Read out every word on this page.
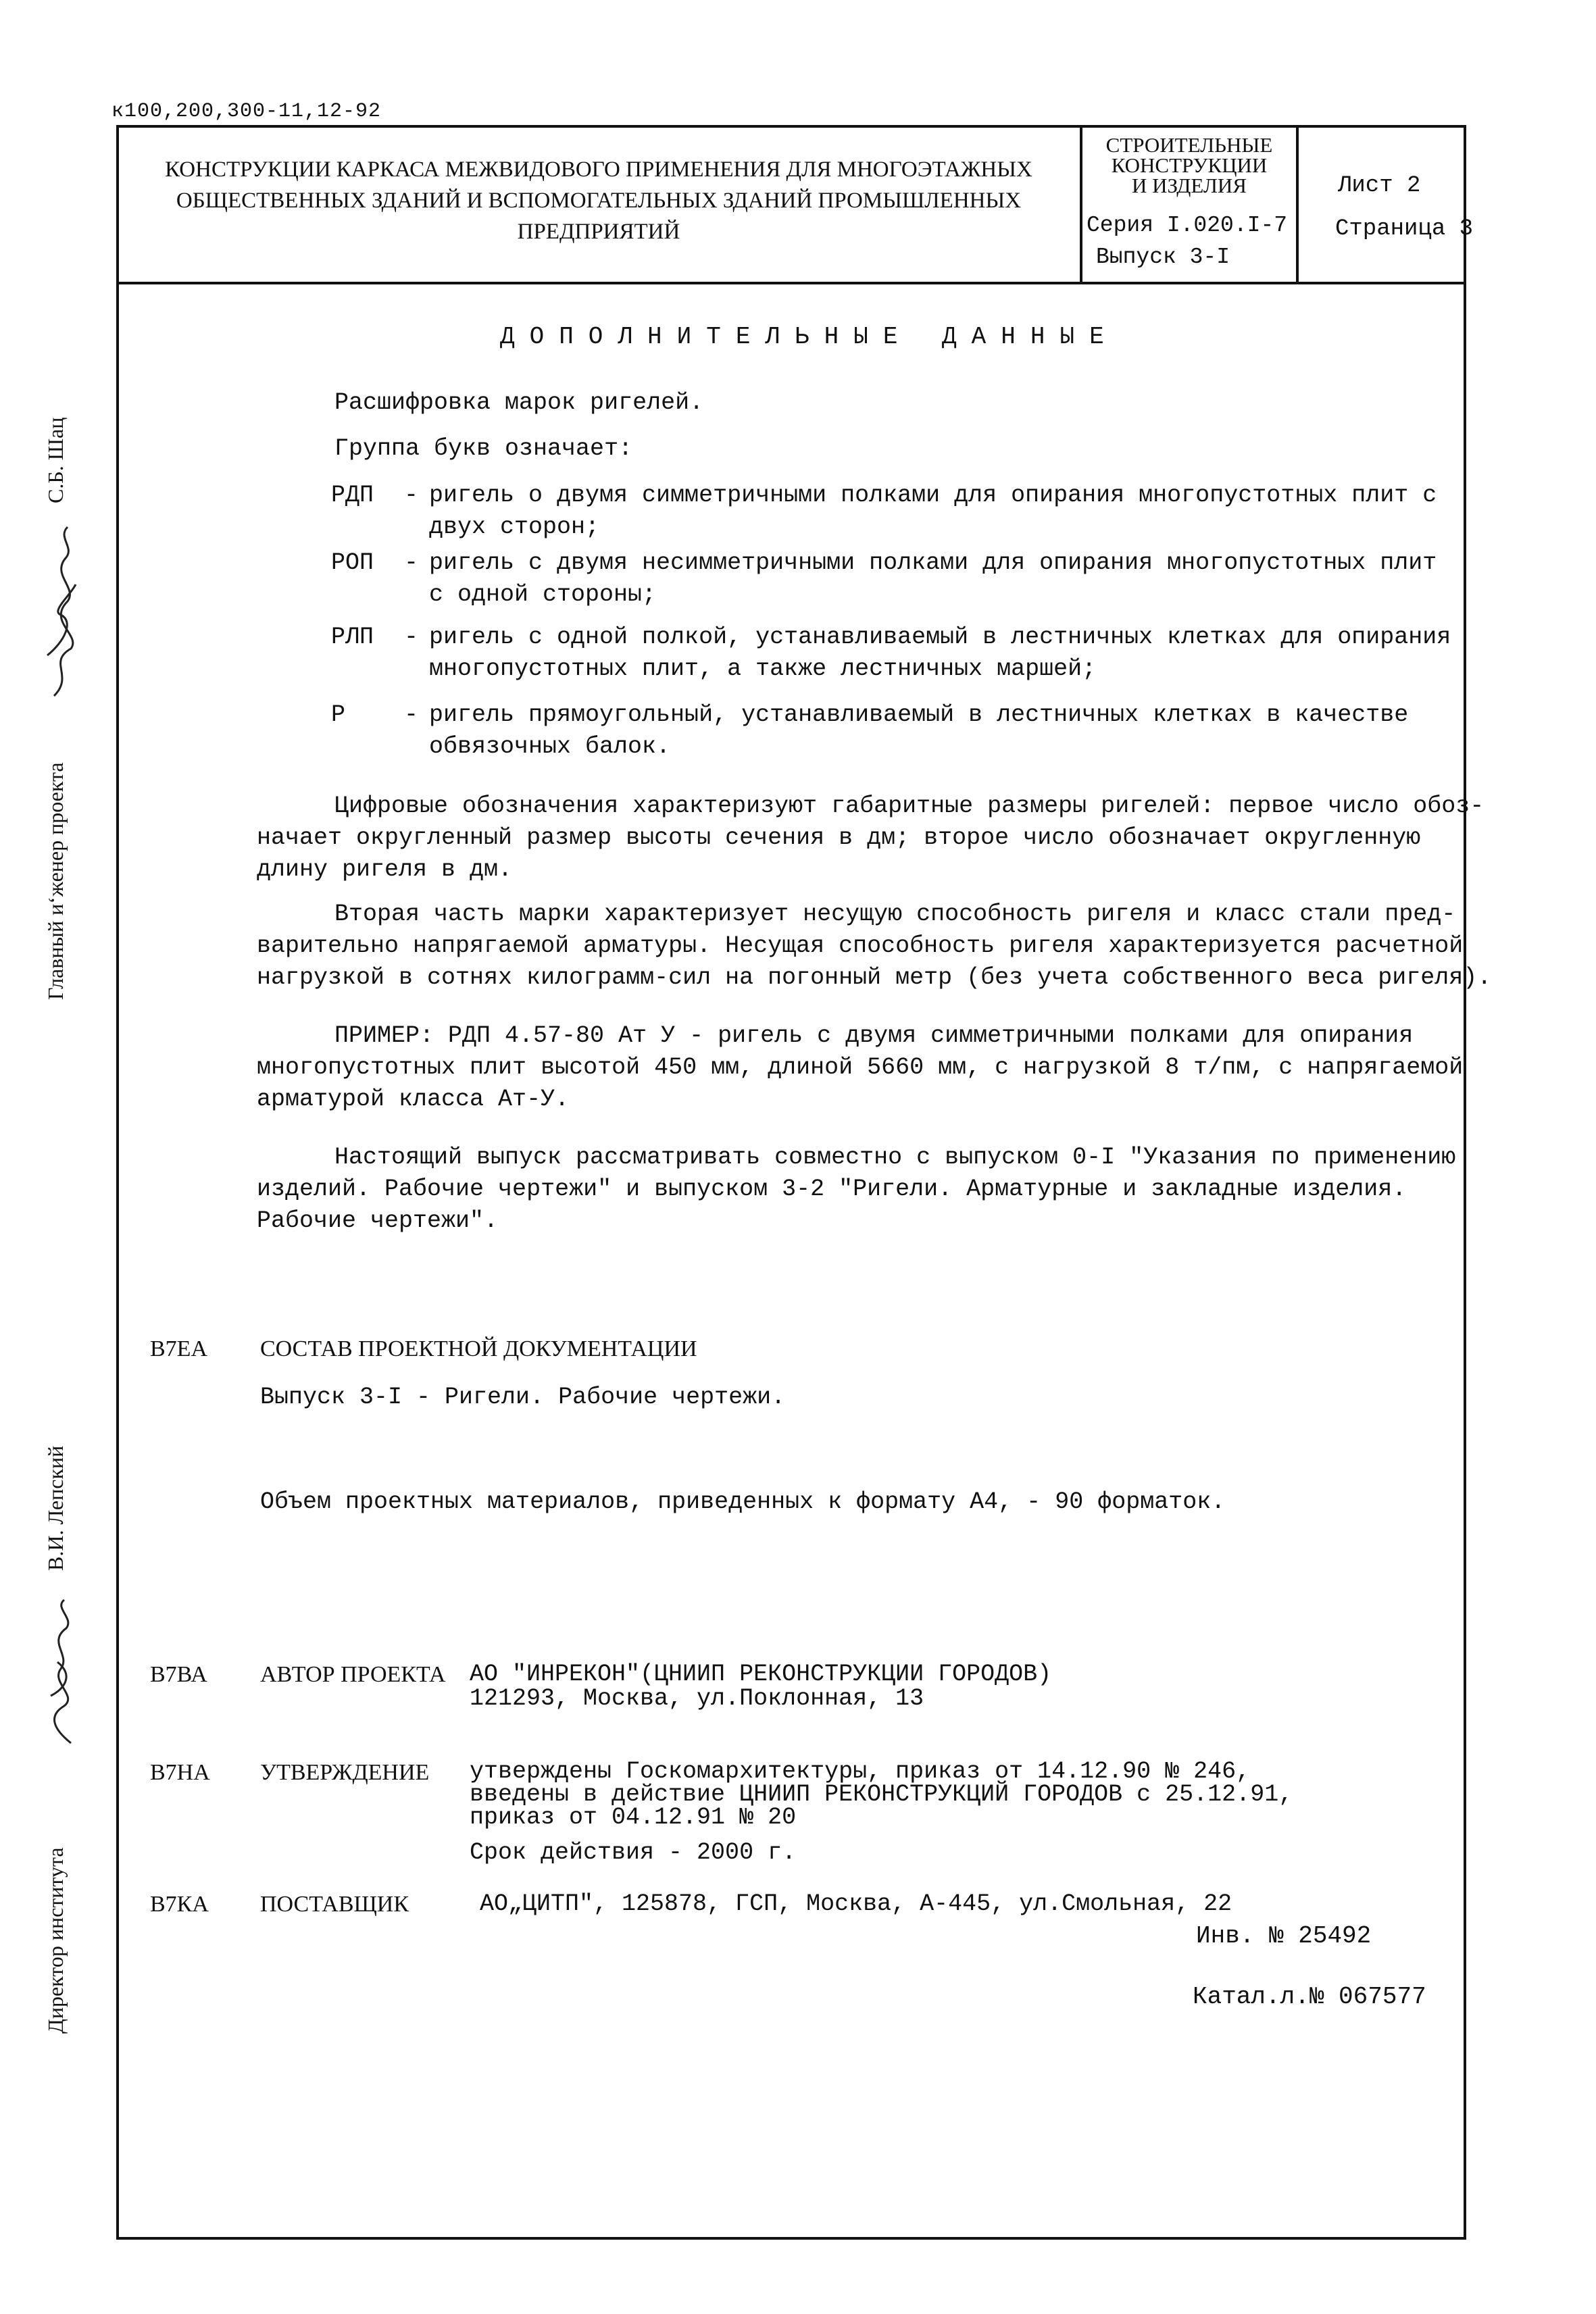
к100,200,300-11,12-92
КОНСТРУКЦИИ КАРКАСА МЕЖВИДОВОГО ПРИМЕНЕНИЯ ДЛЯ МНОГОЭТАЖНЫХ
ОБЩЕСТВЕННЫХ ЗДАНИЙ И ВСПОМОГАТЕЛЬНЫХ ЗДАНИЙ ПРОМЫШЛЕННЫХ
ПРЕДПРИЯТИЙ
СТРОИТЕЛЬНЫЕ
КОНСТРУКЦИИ
И ИЗДЕЛИЯ
Серия I.020.I-7
Выпуск 3-I
Лист 2
Страница 3
Главный и‘женер проекта
С.Б. Шац
Директор института
В.И. Лепский
ДОПОЛНИТЕЛЬНЫЕ ДАННЫЕ
Расшифровка марок ригелей.
Группа букв означает:
РДП - ригель о двумя симметричными полками для опирания многопустотных плит с
двух сторон;
РОП - ригель с двумя несимметричными полками для опирания многопустотных плит
с одной стороны;
РЛП - ригель с одной полкой, устанавливаемый в лестничных клетках для опирания
многопустотных плит, а также лестничных маршей;
Р - ригель прямоугольный, устанавливаемый в лестничных клетках в качестве
обвязочных балок.
Цифровые обозначения характеризуют габаритные размеры ригелей: первое число обоз-
начает округленный размер высоты сечения в дм; второе число обозначает округленную
длину ригеля в дм.
Вторая часть марки характеризует несущую способность ригеля и класс стали пред-
варительно напрягаемой арматуры. Несущая способность ригеля характеризуется расчетной
нагрузкой в сотнях килограмм-сил на погонный метр (без учета собственного веса ригеля).
ПРИМЕР: РДП 4.57-80 Ат У - ригель с двумя симметричными полками для опирания
многопустотных плит высотой 450 мм, длиной 5660 мм, с нагрузкой 8 т/пм, с напрягаемой
арматурой класса Ат-У.
Настоящий выпуск рассматривать совместно с выпуском 0-I "Указания по применению
изделий. Рабочие чертежи" и выпуском 3-2 "Ригели. Арматурные и закладные изделия.
Рабочие чертежи".
В7ЕА СОСТАВ ПРОЕКТНОЙ ДОКУМЕНТАЦИИ
Выпуск 3-I - Ригели. Рабочие чертежи.
Объем проектных материалов, приведенных к формату А4, - 90 форматок.
В7ВА АВТОР ПРОЕКТА АО "ИНРЕКОН"(ЦНИИП РЕКОНСТРУКЦИИ ГОРОДОВ)
121293, Москва, ул.Поклонная, 13
В7НА УТВЕРЖДЕНИЕ утверждены Госкомархитектуры, приказ от 14.12.90 № 246,
введены в действие ЦНИИП РЕКОНСТРУКЦИЙ ГОРОДОВ с 25.12.91,
приказ от 04.12.91 № 20
Срок действия - 2000 г.
В7КА ПОСТАВЩИК	АО„ЦИТП", 125878, ГСП, Москва, А-445, ул.Смольная, 22
Инв. № 25492
Катал.л.№ 067577
